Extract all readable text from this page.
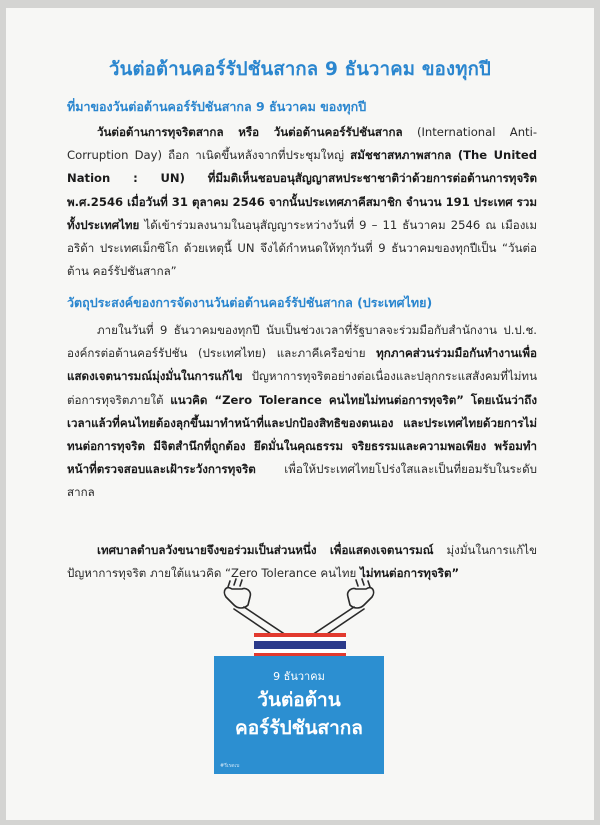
วันต่อต้านคอร์รัปชันสากล 9 ธันวาคม ของทุกปี
ที่มาของวันต่อต้านคอร์รัปชันสากล 9 ธันวาคม ของทุกปี
วันต่อต้านการทุจริตสากล หรือ วันต่อต้านคอร์รัปชันสากล (International Anti-Corruption Day) ถือก าเนิดขึ้นหลังจากที่ประชุมใหญ่ สมัชชาสหภาพสากล (The United Nation : UN) ที่มีมติเห็นชอบอนุสัญญาสหประชาชาติว่าด้วยการต่อต้านการทุจริต พ.ศ.2546 เมื่อวันที่ 31 ตุลาคม 2546 จากนั้นประเทศภาคีสมาชิก จำนวน 191 ประเทศ รวมทั้งประเทศไทย ได้เข้าร่วมลงนามในอนุสัญญาระหว่างวันที่ 9 – 11 ธันวาคม 2546 ณ เมืองเมอริด้า ประเทศเม็กซิโก ด้วยเหตุนี้ UN จึงได้กำหนดให้ทุกวันที่ 9 ธันวาคมของทุกปีเป็น “วันต่อต้าน คอร์รัปชันสากล”
วัตถุประสงค์ของการจัดงานวันต่อต้านคอร์รัปชันสากล (ประเทศไทย)
ภายในวันที่ 9 ธันวาคมของทุกปี นับเป็นช่วงเวลาที่รัฐบาลจะร่วมมือกับสำนักงาน ป.ป.ช. องค์กรต่อต้านคอร์รัปชัน (ประเทศไทย) และภาคีเครือข่าย ทุกภาคส่วนร่วมมือกันทำงานเพื่อแสดงเจตนารมณ์มุ่งมั่นในการแก้ไข ปัญหาการทุจริตอย่างต่อเนื่องและปลุกกระแสสังคมที่ไม่ทนต่อการทุจริตภายใต้ แนวคิด “Zero Tolerance คนไทยไม่ทนต่อการทุจริต” โดยเน้นว่าถึงเวลาแล้วที่คนไทยต้องลุกขึ้นมาทำหน้าที่และปกป้องสิทธิของตนเอง และประเทศไทยด้วยการไม่ทนต่อการทุจริต มีจิตสำนึกที่ถูกต้อง ยึดมั่นในคุณธรรม จริยธรรมและความพอเพียง พร้อมทำหน้าที่ตรวจสอบและเฝ้าระวังการทุจริต เพื่อให้ประเทศไทยโปร่งใสและเป็นที่ยอมรับในระดับสากล
เทศบาลตำบลวังขนายจึงขอร่วมเป็นส่วนหนึ่ง เพื่อแสดงเจตนารมณ์ มุ่งมั่นในการแก้ไขปัญหาการทุจริต ภายใต้แนวคิด “Zero Tolerance คนไทย ไม่ทนต่อการทุจริต”
9 ธันวาคม
วันต่อต้าน
คอร์รัปชันสากล
#รีเรดเบ
